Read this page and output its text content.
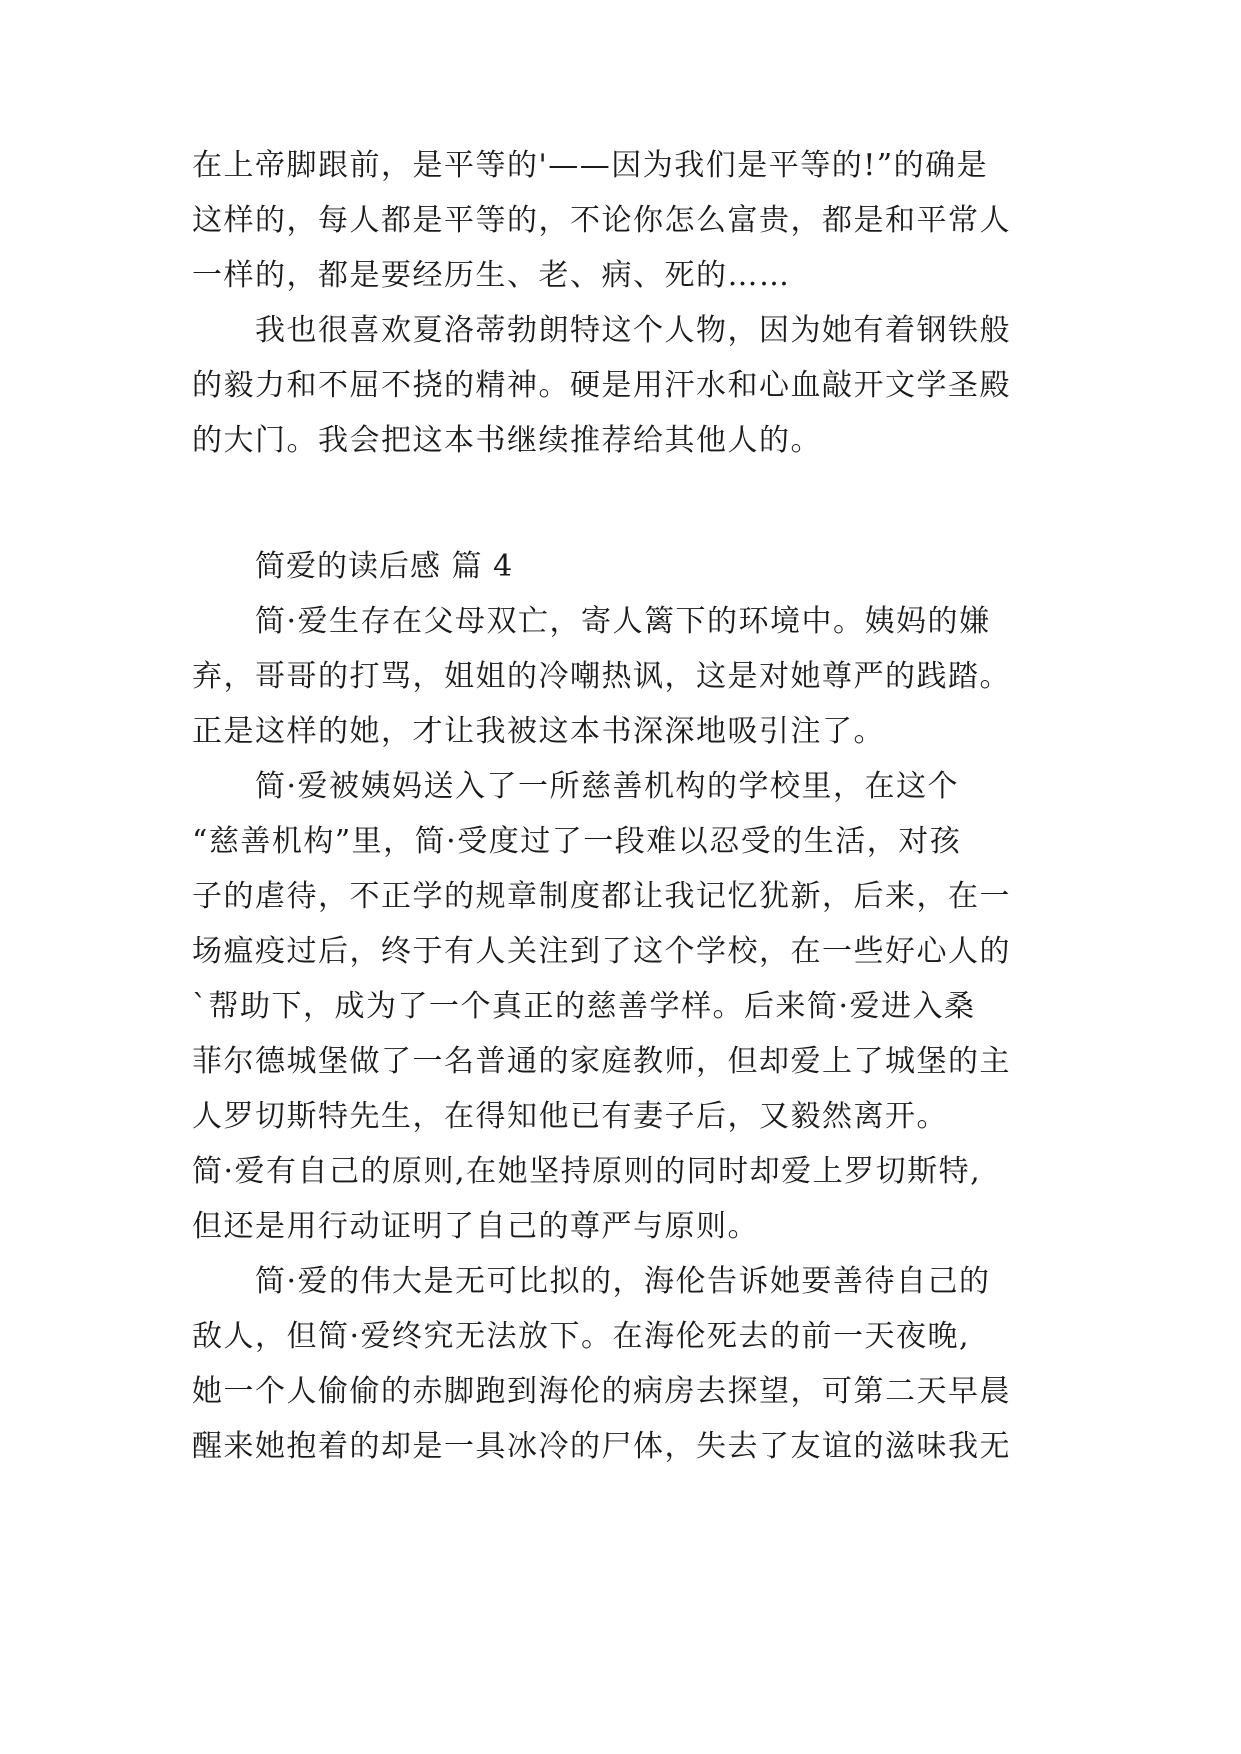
在上帝脚跟前，是平等的'——因为我们是平等的!”的确是
这样的，每人都是平等的，不论你怎么富贵，都是和平常人
一样的，都是要经历生、老、病、死的……
我也很喜欢夏洛蒂勃朗特这个人物，因为她有着钢铁般
的毅力和不屈不挠的精神。硬是用汗水和心血敲开文学圣殿
的大门。我会把这本书继续推荐给其他人的。
简爱的读后感 篇 4
简·爱生存在父母双亡，寄人篱下的环境中。姨妈的嫌
弃，哥哥的打骂，姐姐的冷嘲热讽，这是对她尊严的践踏。
正是这样的她，才让我被这本书深深地吸引注了。
简·爱被姨妈送入了一所慈善机构的学校里，在这个
“慈善机构”里，简·受度过了一段难以忍受的生活，对孩
子的虐待，不正学的规章制度都让我记忆犹新，后来，在一
场瘟疫过后，终于有人关注到了这个学校，在一些好心人的
`帮助下，成为了一个真正的慈善学样。后来简·爱进入桑
菲尔德城堡做了一名普通的家庭教师，但却爱上了城堡的主
人罗切斯特先生，在得知他已有妻子后，又毅然离开。
简·爱有自己的原则,在她坚持原则的同时却爱上罗切斯特,
但还是用行动证明了自己的尊严与原则。
简·爱的伟大是无可比拟的，海伦告诉她要善待自己的
敌人，但简·爱终究无法放下。在海伦死去的前一天夜晚,
她一个人偷偷的赤脚跑到海伦的病房去探望，可第二天早晨
醒来她抱着的却是一具冰冷的尸体，失去了友谊的滋味我无
